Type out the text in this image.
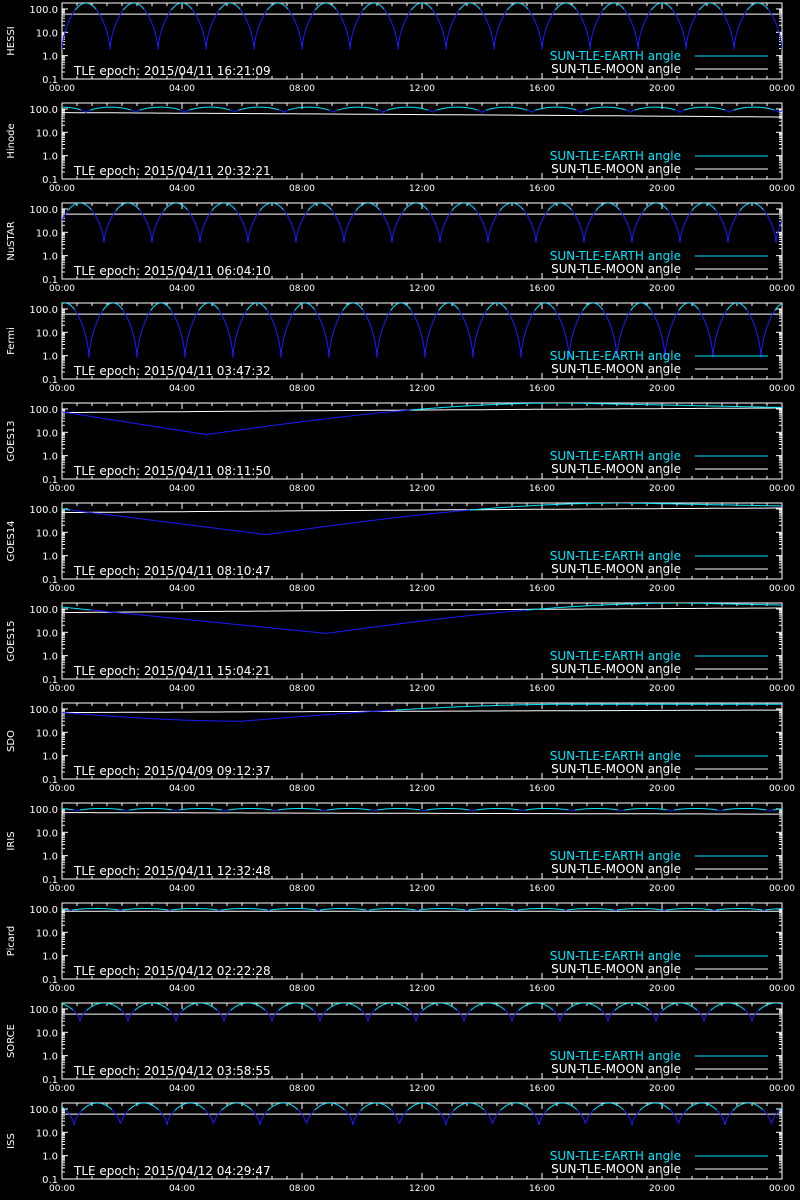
100.0
10.0
1.0
0.1
00:00	04:00	08:00	12:00	16:00	20:00	00:00
HESSI
TLE epoch: 2015/04/11 16:21:09
SUN-TLE-EARTH angle
SUN-TLE-MOON angle
100.0
10.0
1.0
0.1
00:00	04:00	08:00	12:00	16:00	20:00	00:00
Hinode
TLE epoch: 2015/04/11 20:32:21
SUN-TLE-EARTH angle
SUN-TLE-MOON angle
100.0
10.0
1.0
0.1
00:00	04:00	08:00	12:00	16:00	20:00	00:00
NuSTAR
TLE epoch: 2015/04/11 06:04:10
SUN-TLE-EARTH angle
SUN-TLE-MOON angle
100.0
10.0
1.0
0.1
00:00	04:00	08:00	12:00	16:00	20:00	00:00
Fermi
TLE epoch: 2015/04/11 03:47:32
SUN-TLE-EARTH angle
SUN-TLE-MOON angle
100.0
10.0
1.0
0.1
00:00	04:00	08:00	12:00	16:00	20:00	00:00
GOES13
TLE epoch: 2015/04/11 08:11:50
SUN-TLE-EARTH angle
SUN-TLE-MOON angle
100.0
10.0
1.0
0.1
00:00	04:00	08:00	12:00	16:00	20:00	00:00
GOES14
TLE epoch: 2015/04/11 08:10:47
SUN-TLE-EARTH angle
SUN-TLE-MOON angle
100.0
10.0
1.0
0.1
00:00	04:00	08:00	12:00	16:00	20:00	00:00
GOES15
TLE epoch: 2015/04/11 15:04:21
SUN-TLE-EARTH angle
SUN-TLE-MOON angle
100.0
10.0
1.0
0.1
00:00	04:00	08:00	12:00	16:00	20:00	00:00
SDO
TLE epoch: 2015/04/09 09:12:37
SUN-TLE-EARTH angle
SUN-TLE-MOON angle
100.0
10.0
1.0
0.1
00:00	04:00	08:00	12:00	16:00	20:00	00:00
IRIS
TLE epoch: 2015/04/11 12:32:48
SUN-TLE-EARTH angle
SUN-TLE-MOON angle
100.0
10.0
1.0
0.1
00:00	04:00	08:00	12:00	16:00	20:00	00:00
Picard
TLE epoch: 2015/04/12 02:22:28
SUN-TLE-EARTH angle
SUN-TLE-MOON angle
100.0
10.0
1.0
0.1
00:00	04:00	08:00	12:00	16:00	20:00	00:00
SORCE
TLE epoch: 2015/04/12 03:58:55
SUN-TLE-EARTH angle
SUN-TLE-MOON angle
100.0
10.0
1.0
0.1
00:00	04:00	08:00	12:00	16:00	20:00	00:00
ISS
TLE epoch: 2015/04/12 04:29:47
SUN-TLE-EARTH angle
SUN-TLE-MOON angle
